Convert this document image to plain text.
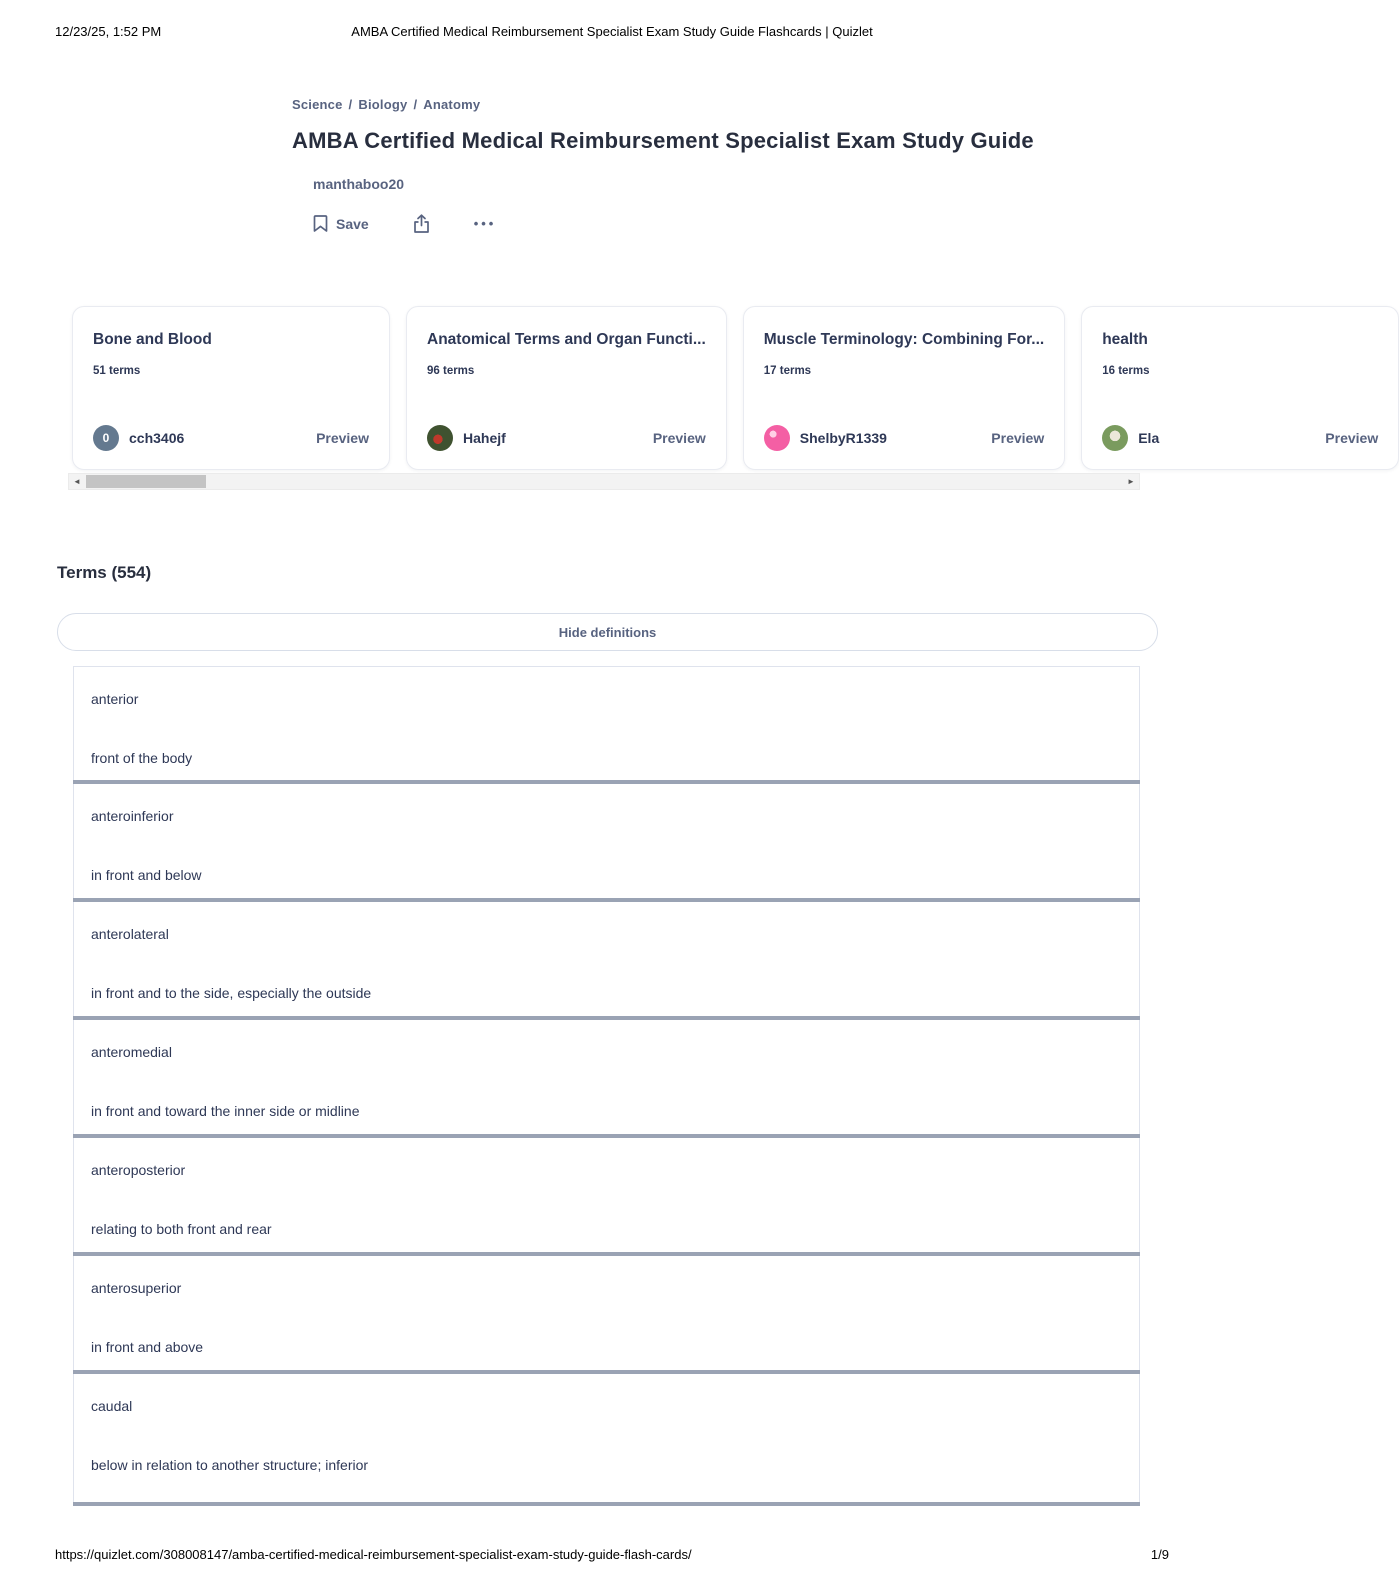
12/23/25, 1:52 PM	AMBA Certified Medical Reimbursement Specialist Exam Study Guide Flashcards | Quizlet
Science / Biology / Anatomy
AMBA Certified Medical Reimbursement Specialist Exam Study Guide
manthaboo20
Save	•••
Bone and Blood
51 terms
0 cch3406	Preview
Anatomical Terms and Organ Functi...
96 terms
Hahejf	Preview
Muscle Terminology: Combining For...
17 terms
ShelbyR1339	Preview
health
16 terms
Ela	Preview
◄	►
Terms (554)
Hide definitions
anterior
front of the body
anteroinferior
in front and below
anterolateral
in front and to the side, especially the outside
anteromedial
in front and toward the inner side or midline
anteroposterior
relating to both front and rear
anterosuperior
in front and above
caudal
below in relation to another structure; inferior
https://quizlet.com/308008147/amba-certified-medical-reimbursement-specialist-exam-study-guide-flash-cards/	1/9
